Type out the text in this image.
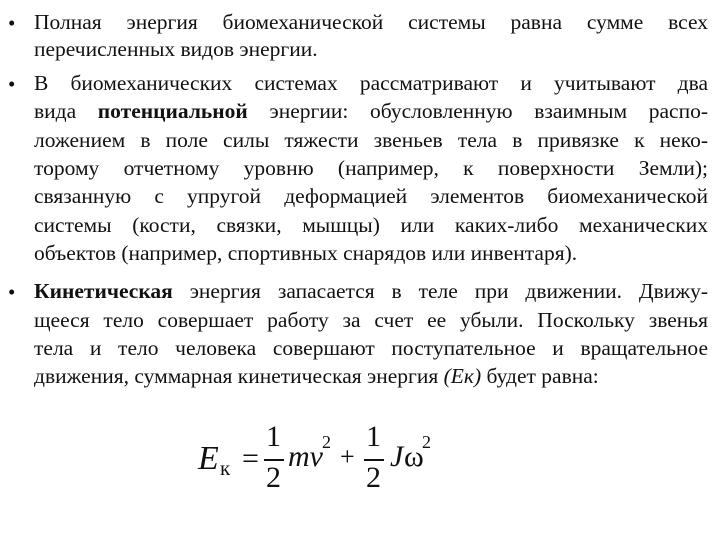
• Полная энергия биомеханической системы равна сумме всех
перечисленных видов энергии.
• В биомеханических системах рассматривают и учитывают два
вида потенциальной энергии: обусловленную взаимным распо-
ложением в поле силы тяжести звеньев тела в привязке к неко-
торому отчетному уровню (например, к поверхности Земли);
связанную с упругой деформацией элементов биомеханической
системы (кости, связки, мышцы) или каких-либо механических
объектов (например, спортивных снарядов или инвентаря).
• Кинетическая энергия запасается в теле при движении. Движу-
щееся тело совершает работу за счет ее убыли. Поскольку звенья
тела и тело человека совершают поступательное и вращательное
движения, суммарная кинетическая энергия (Ек) будет равна:
E к =
1
2
mv 2 +
1
2
J ω
2
